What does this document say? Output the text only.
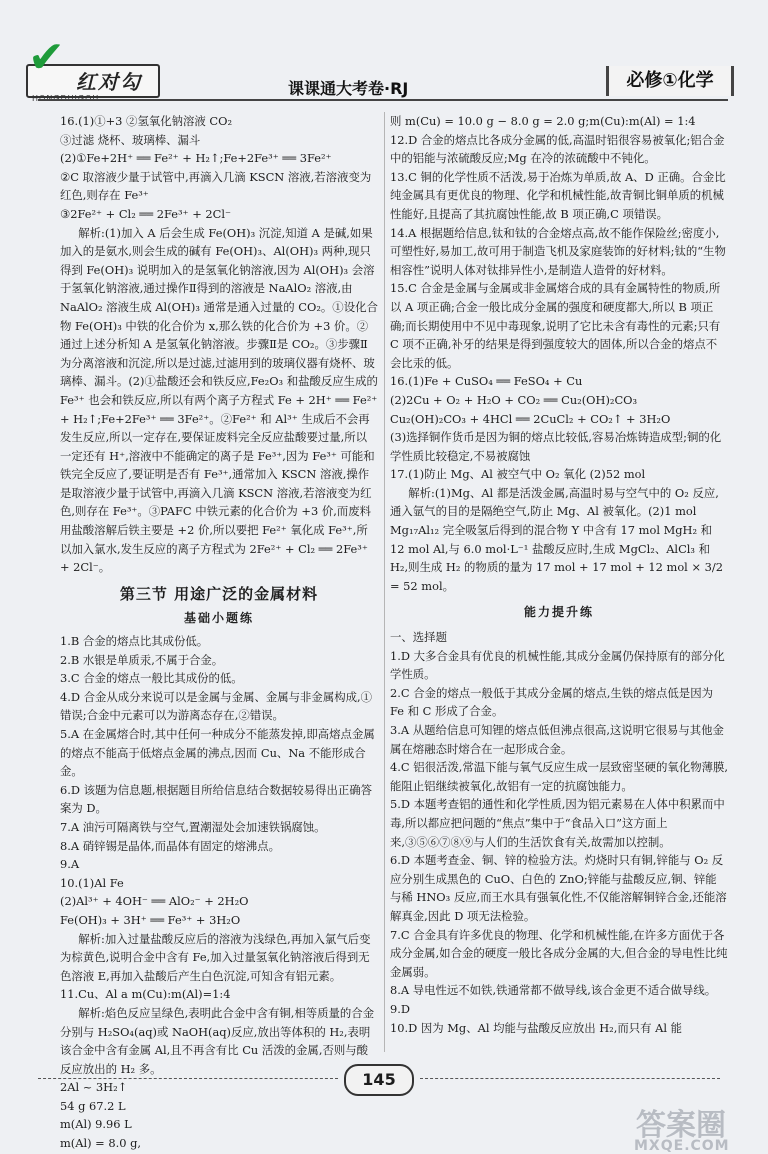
✔ 红对勾
HONGDUIGOU
课课通大考卷·RJ	必修①化学

16.(1)①+3 ②氢氧化钠溶液 CO₂

③过滤 烧杯、玻璃棒、漏斗

(2)①Fe+2H⁺ ══ Fe²⁺ + H₂↑;Fe+2Fe³⁺ ══ 3Fe²⁺

②C 取溶液少量于试管中,再滴入几滴 KSCN 溶液,若溶液变为红色,则存在 Fe³⁺

③2Fe²⁺ + Cl₂ ══ 2Fe³⁺ + 2Cl⁻

解析:(1)加入 A 后会生成 Fe(OH)₃ 沉淀,知道 A 是碱,如果加入的是氨水,则会生成的碱有 Fe(OH)₃、Al(OH)₃ 两种,现只得到 Fe(OH)₃ 说明加入的是氢氧化钠溶液,因为 Al(OH)₃ 会溶于氢氧化钠溶液,通过操作Ⅱ得到的溶液是 NaAlO₂ 溶液,由 NaAlO₂ 溶液生成 Al(OH)₃ 通常是通入过量的 CO₂。①设化合物 Fe(OH)₃ 中铁的化合价为 x,那么铁的化合价为 +3 价。②通过上述分析知 A 是氢氧化钠溶液。步骤Ⅱ是 CO₂。③步骤Ⅱ为分离溶液和沉淀,所以是过滤,过滤用到的玻璃仪器有烧杯、玻璃棒、漏斗。(2)①盐酸还会和铁反应,Fe₂O₃ 和盐酸反应生成的 Fe³⁺ 也会和铁反应,所以有两个离子方程式 Fe + 2H⁺ ══ Fe²⁺ + H₂↑;Fe+2Fe³⁺ ══ 3Fe²⁺。②Fe²⁺ 和 Al³⁺ 生成后不会再发生反应,所以一定存在,要保证废料完全反应盐酸要过量,所以一定还有 H⁺,溶液中不能确定的离子是 Fe³⁺,因为 Fe³⁺ 可能和铁完全反应了,要证明是否有 Fe³⁺,通常加入 KSCN 溶液,操作是取溶液少量于试管中,再滴入几滴 KSCN 溶液,若溶液变为红色,则存在 Fe³⁺。③PAFC 中铁元素的化合价为 +3 价,而废料用盐酸溶解后铁主要是 +2 价,所以要把 Fe²⁺ 氧化成 Fe³⁺,所以加入氯水,发生反应的离子方程式为 2Fe²⁺ + Cl₂ ══ 2Fe³⁺ + 2Cl⁻。

第三节 用途广泛的金属材料
基础小题练

1.B 合金的熔点比其成份低。

2.B 水银是单质汞,不属于合金。

3.C 合金的熔点一般比其成份的低。

4.D 合金从成分来说可以是金属与金属、金属与非金属构成,①错误;合金中元素可以为游离态存在,②错误。

5.A 在金属熔合时,其中任何一种成分不能蒸发掉,即高熔点金属的熔点不能高于低熔点金属的沸点,因而 Cu、Na 不能形成合金。

6.D 该题为信息题,根据题目所给信息结合数据较易得出正确答案为 D。

7.A 油污可隔离铁与空气,置潮湿处会加速铁锅腐蚀。

8.A 硝锌锡是晶体,而晶体有固定的熔沸点。

9.A

10.(1)Al Fe

(2)Al³⁺ + 4OH⁻ ══ AlO₂⁻ + 2H₂O

Fe(OH)₃ + 3H⁺ ══ Fe³⁺ + 3H₂O

解析:加入过量盐酸反应后的溶液为浅绿色,再加入氯气后变为棕黄色,说明合金中含有 Fe,加入过量氢氧化钠溶液后得到无色溶液 E,再加入盐酸后产生白色沉淀,可知含有铝元素。

11.Cu、Al a m(Cu):m(Al)=1:4

解析:焰色反应呈绿色,表明此合金中含有铜,相等质量的合金分别与 H₂SO₄(aq)或 NaOH(aq)反应,放出等体积的 H₂,表明该合金中含有金属 Al,且不再含有比 Cu 活泼的金属,否则与酸反应放出的 H₂ 多。

2Al ~ 3H₂↑

54 g 67.2 L

m(Al) 9.96 L

m(Al) = 8.0 g,

则 m(Cu) = 10.0 g − 8.0 g = 2.0 g;m(Cu):m(Al) = 1:4

12.D 合金的熔点比各成分金属的低,高温时铝很容易被氧化;铝合金中的铝能与浓硫酸反应;Mg 在冷的浓硫酸中不钝化。

13.C 铜的化学性质不活泼,易于冶炼为单质,故 A、D 正确。合金比纯金属具有更优良的物理、化学和机械性能,故青铜比铜单质的机械性能好,且提高了其抗腐蚀性能,故 B 项正确,C 项错误。

14.A 根据题给信息,钛和钛的合金熔点高,故不能作保险丝;密度小,可塑性好,易加工,故可用于制造飞机及家庭装饰的好材料;钛的“生物相容性”说明人体对钛排异性小,是制造人造骨的好材料。

15.C 合金是金属与金属或非金属熔合成的具有金属特性的物质,所以 A 项正确;合金一般比成分金属的强度和硬度都大,所以 B 项正确;而长期使用中不见中毒现象,说明了它比未含有毒性的元素;只有 C 项不正确,补牙的结果是得到强度较大的固体,所以合金的熔点不会比汞的低。

16.(1)Fe + CuSO₄ ══ FeSO₄ + Cu

(2)2Cu + O₂ + H₂O + CO₂ ══ Cu₂(OH)₂CO₃

Cu₂(OH)₂CO₃ + 4HCl ══ 2CuCl₂ + CO₂↑ + 3H₂O

(3)选择铜作货币是因为铜的熔点比较低,容易冶炼铸造成型;铜的化学性质比较稳定,不易被腐蚀

17.(1)防止 Mg、Al 被空气中 O₂ 氧化 (2)52 mol

解析:(1)Mg、Al 都是活泼金属,高温时易与空气中的 O₂ 反应,通入氩气的目的是隔绝空气,防止 Mg、Al 被氧化。(2)1 mol Mg₁₇Al₁₂ 完全吸氢后得到的混合物 Y 中含有 17 mol MgH₂ 和 12 mol Al,与 6.0 mol·L⁻¹ 盐酸反应时,生成 MgCl₂、AlCl₃ 和 H₂,则生成 H₂ 的物质的量为 17 mol + 17 mol + 12 mol × 3/2 = 52 mol。

能力提升练

一、选择题

1.D 大多合金具有优良的机械性能,其成分金属仍保持原有的部分化学性质。

2.C 合金的熔点一般低于其成分金属的熔点,生铁的熔点低是因为 Fe 和 C 形成了合金。

3.A 从题给信息可知锂的熔点低但沸点很高,这说明它很易与其他金属在熔融态时熔合在一起形成合金。

4.C 铝很活泼,常温下能与氧气反应生成一层致密坚硬的氧化物薄膜,能阻止铝继续被氧化,故铝有一定的抗腐蚀能力。

5.D 本题考查铝的通性和化学性质,因为铝元素易在人体中积累而中毒,所以都应把问题的“焦点”集中于“食品入口”这方面上来,③⑤⑥⑦⑧⑨与人们的生活饮食有关,故需加以控制。

6.D 本题考查金、铜、锌的检验方法。灼烧时只有铜,锌能与 O₂ 反应分别生成黑色的 CuO、白色的 ZnO;锌能与盐酸反应,铜、锌能与稀 HNO₃ 反应,而王水具有强氧化性,不仅能溶解铜锌合金,还能溶解真金,因此 D 项无法检验。

7.C 合金具有许多优良的物理、化学和机械性能,在许多方面优于各成分金属,如合金的硬度一般比各成分金属的大,但合金的导电性比纯金属弱。

8.A 导电性远不如铁,铁通常都不做导线,该合金更不适合做导线。

9.D

10.D 因为 Mg、Al 均能与盐酸反应放出 H₂,而只有 Al 能

145
答案圈
MXQE.COM
